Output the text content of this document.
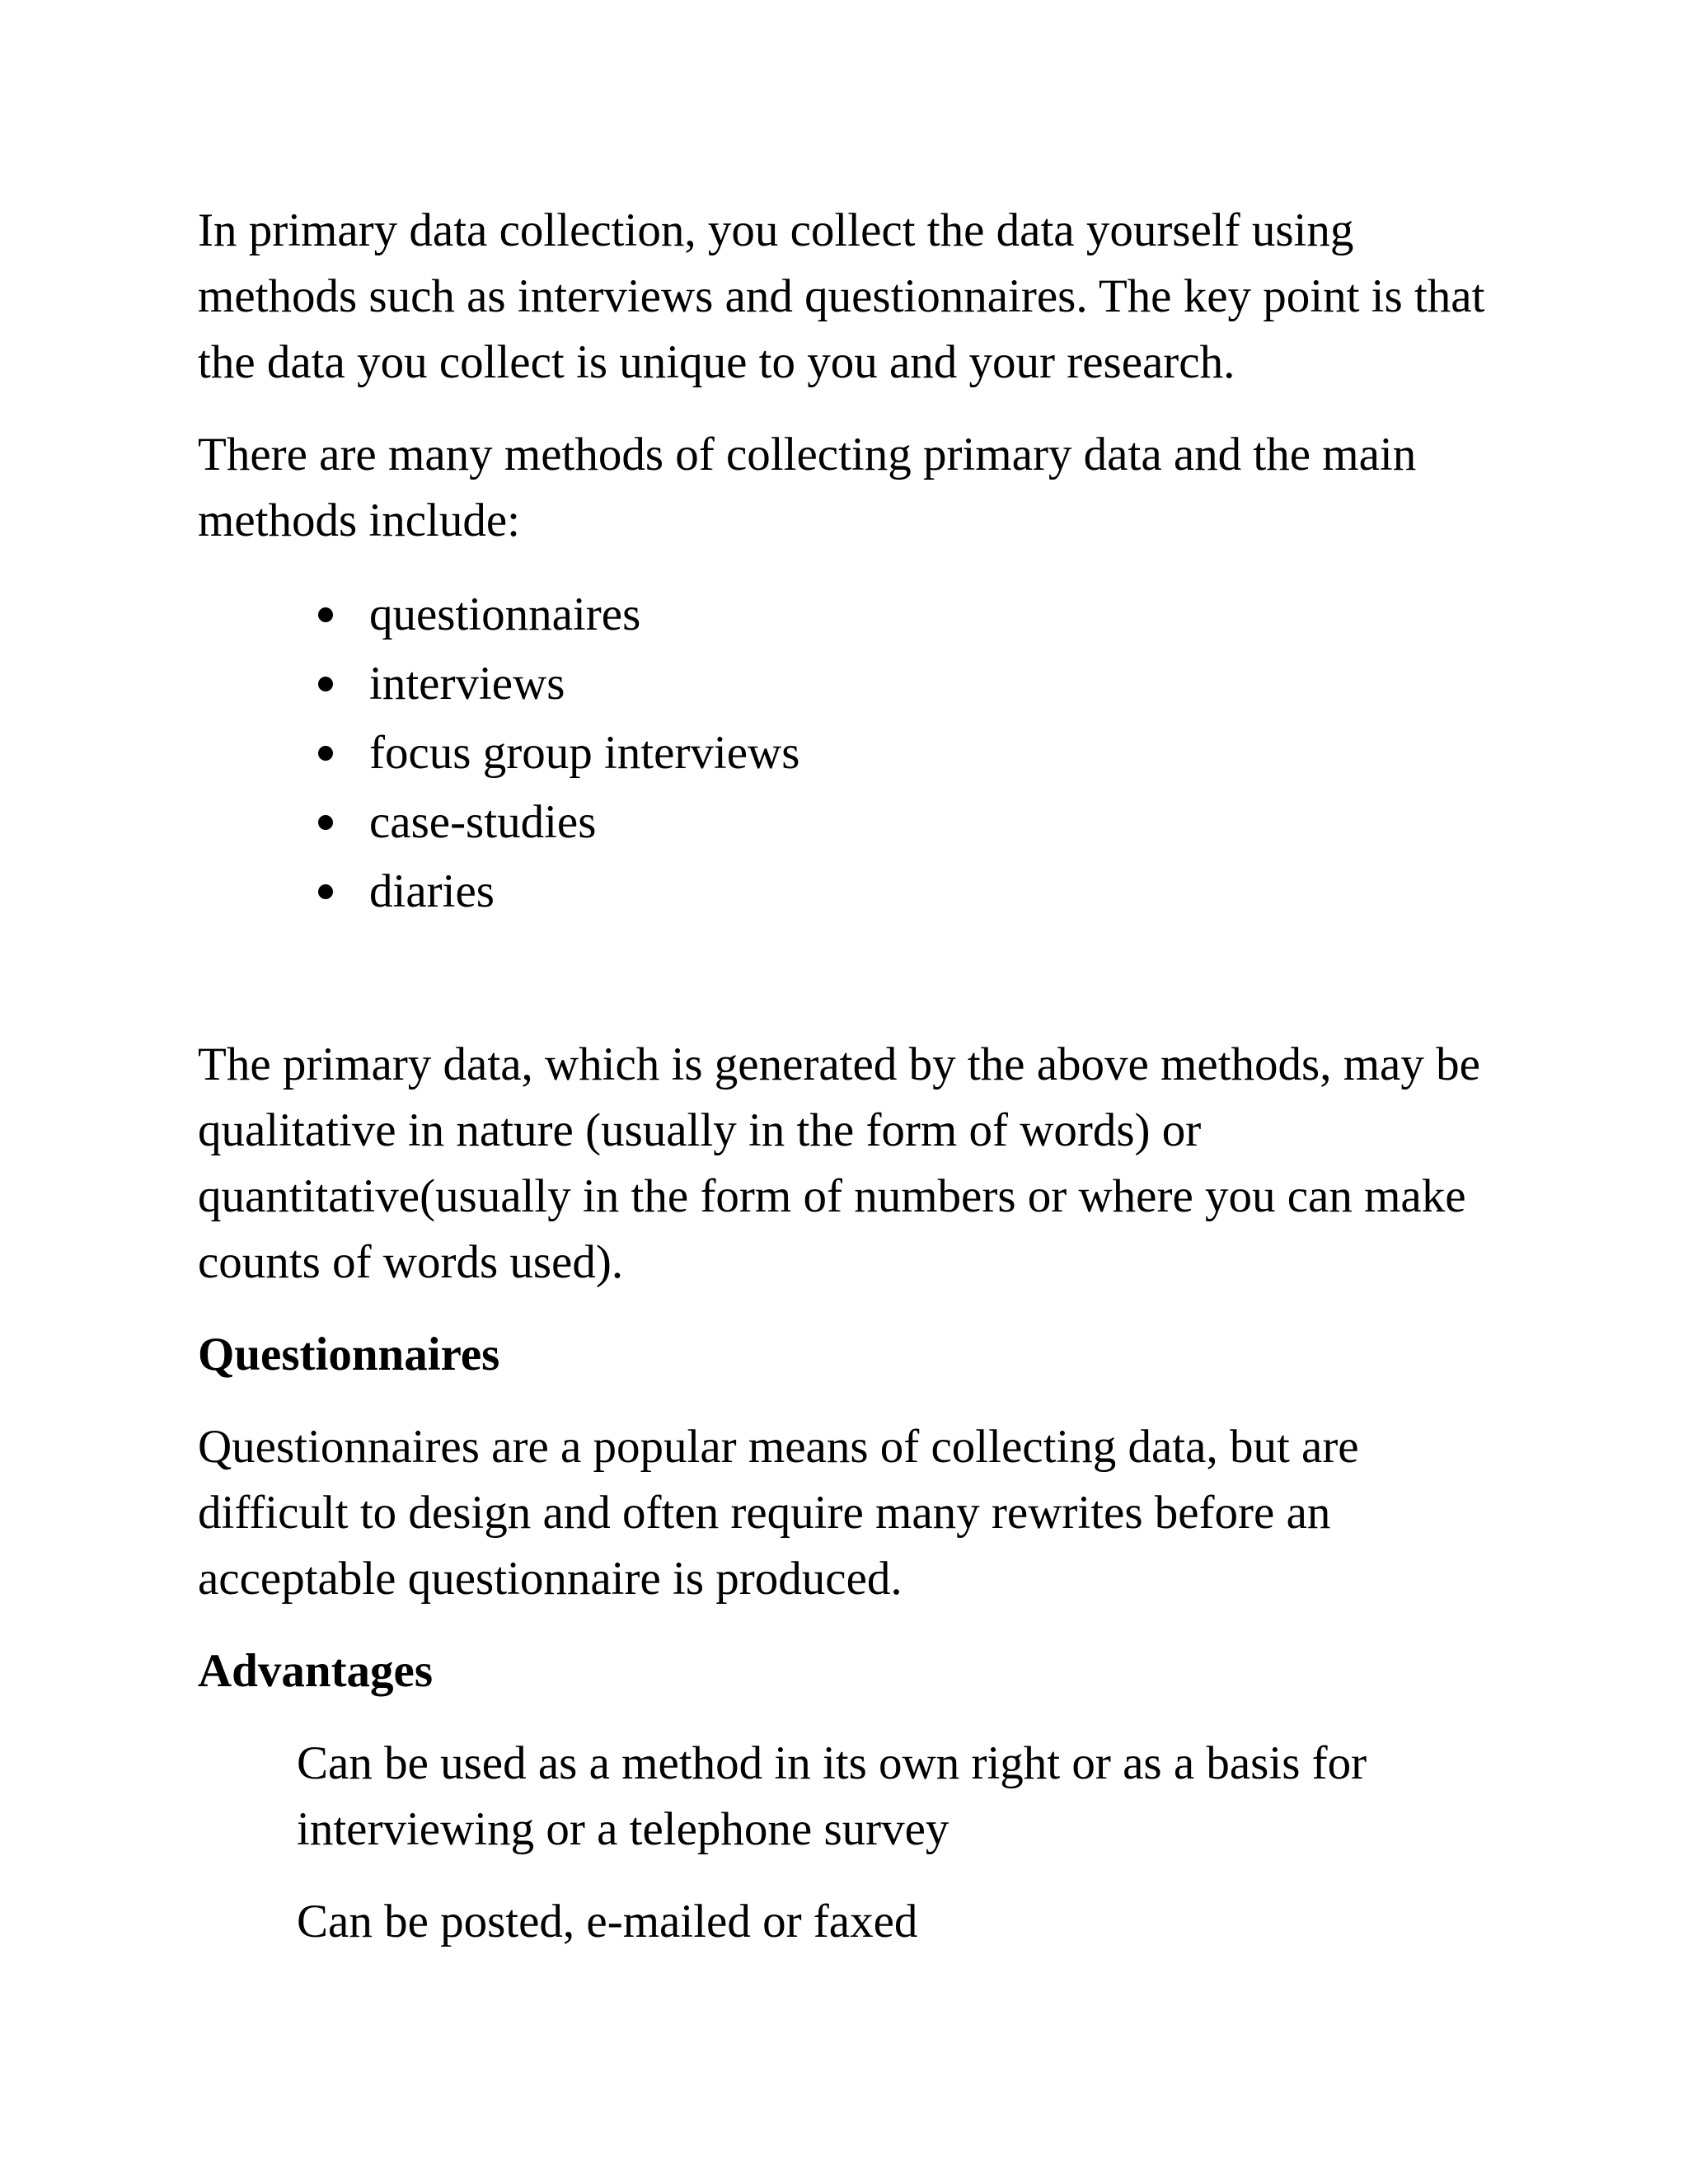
In primary data collection, you collect the data yourself using methods such as interviews and questionnaires. The key point is that the data you collect is unique to you and your research.

There are many methods of collecting primary data and the main methods include:

questionnaires
interviews
focus group interviews
case-studies
diaries

The primary data, which is generated by the above methods, may be qualitative in nature (usually in the form of words) or quantitative(usually in the form of numbers or where you can make counts of words used).

Questionnaires

Questionnaires are a popular means of collecting data, but are difficult to design and often require many rewrites before an acceptable questionnaire is produced.

Advantages

Can be used as a method in its own right or as a basis for interviewing or a telephone survey

Can be posted, e-mailed or faxed
